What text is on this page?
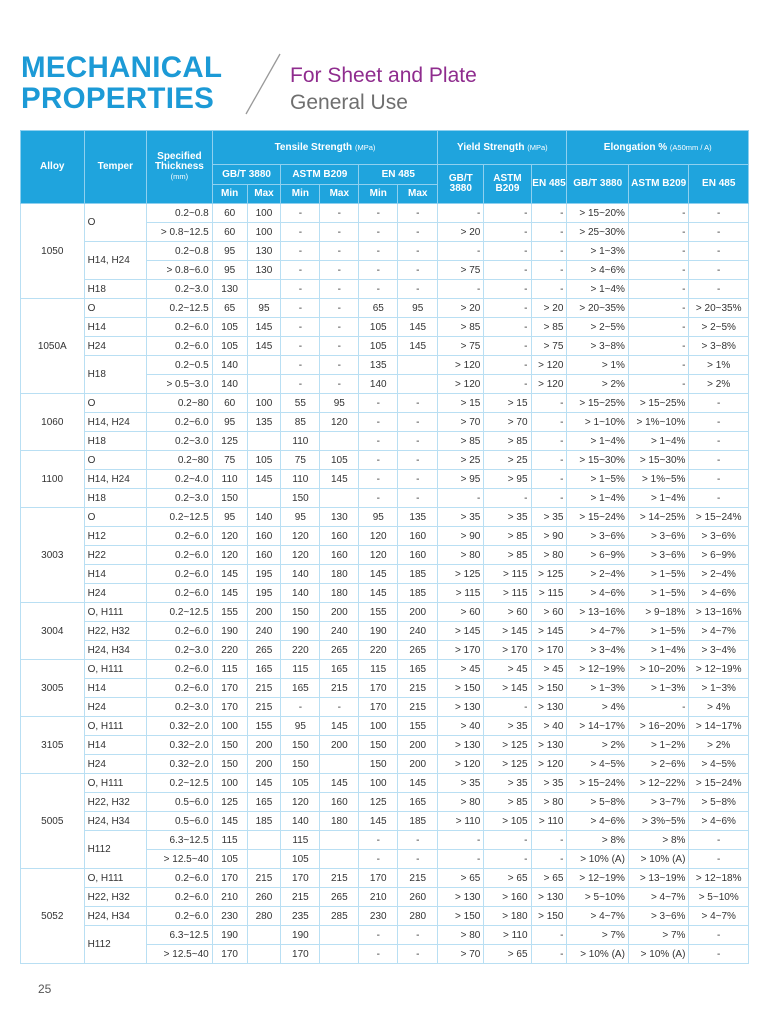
MECHANICAL
PROPERTIES
For Sheet and Plate
General Use
Alloy	Temper	Specified Thickness
(mm)	Tensile Strength (MPa)						Yield Strength (MPa)			Elongation % (A50mm / A)		
			GB/T 3880		ASTM B209		EN 485		GB/T 3880	ASTM B209	EN 485	GB/T 3880	ASTM B209	EN 485
			Min	Max	Min	Max	Min	Max						
1050	O	0.2~0.8	60	100	-	-	-	-	-	-	-	> 15~20%	-	-
		> 0.8~12.5	60	100	-	-	-	-	> 20	-	-	> 25~30%	-	-
	H14, H24	0.2~0.8	95	130	-	-	-	-	-	-	-	> 1~3%	-	-
		> 0.8~6.0	95	130	-	-	-	-	> 75	-	-	> 4~6%	-	-
	H18	0.2~3.0	130		-	-	-	-	-	-	-	> 1~4%	-	-
1050A	O	0.2~12.5	65	95	-	-	65	95	> 20	-	> 20	> 20~35%	-	> 20~35%
	H14	0.2~6.0	105	145	-	-	105	145	> 85	-	> 85	> 2~5%	-	> 2~5%
	H24	0.2~6.0	105	145	-	-	105	145	> 75	-	> 75	> 3~8%	-	> 3~8%
	H18	0.2~0.5	140		-	-	135		> 120	-	> 120	> 1%	-	> 1%
		> 0.5~3.0	140		-	-	140		> 120	-	> 120	> 2%	-	> 2%
1060	O	0.2~80	60	100	55	95	-	-	> 15	> 15	-	> 15~25%	> 15~25%	-
	H14, H24	0.2~6.0	95	135	85	120	-	-	> 70	> 70	-	> 1~10%	> 1%~10%	-
	H18	0.2~3.0	125		110		-	-	> 85	> 85	-	> 1~4%	> 1~4%	-
1100	O	0.2~80	75	105	75	105	-	-	> 25	> 25	-	> 15~30%	> 15~30%	-
	H14, H24	0.2~4.0	110	145	110	145	-	-	> 95	> 95	-	> 1~5%	> 1%~5%	-
	H18	0.2~3.0	150		150		-	-	-	-	-	> 1~4%	> 1~4%	-
3003	O	0.2~12.5	95	140	95	130	95	135	> 35	> 35	> 35	> 15~24%	> 14~25%	> 15~24%
	H12	0.2~6.0	120	160	120	160	120	160	> 90	> 85	> 90	> 3~6%	> 3~6%	> 3~6%
	H22	0.2~6.0	120	160	120	160	120	160	> 80	> 85	> 80	> 6~9%	> 3~6%	> 6~9%
	H14	0.2~6.0	145	195	140	180	145	185	> 125	> 115	> 125	> 2~4%	> 1~5%	> 2~4%
	H24	0.2~6.0	145	195	140	180	145	185	> 115	> 115	> 115	> 4~6%	> 1~5%	> 4~6%
3004	O, H111	0.2~12.5	155	200	150	200	155	200	> 60	> 60	> 60	> 13~16%	> 9~18%	> 13~16%
	H22, H32	0.2~6.0	190	240	190	240	190	240	> 145	> 145	> 145	> 4~7%	> 1~5%	> 4~7%
	H24, H34	0.2~3.0	220	265	220	265	220	265	> 170	> 170	> 170	> 3~4%	> 1~4%	> 3~4%
3005	O, H111	0.2~6.0	115	165	115	165	115	165	> 45	> 45	> 45	> 12~19%	> 10~20%	> 12~19%
	H14	0.2~6.0	170	215	165	215	170	215	> 150	> 145	> 150	> 1~3%	> 1~3%	> 1~3%
	H24	0.2~3.0	170	215	-	-	170	215	> 130	-	> 130	> 4%	-	> 4%
3105	O, H111	0.32~2.0	100	155	95	145	100	155	> 40	> 35	> 40	> 14~17%	> 16~20%	> 14~17%
	H14	0.32~2.0	150	200	150	200	150	200	> 130	> 125	> 130	> 2%	> 1~2%	> 2%
	H24	0.32~2.0	150	200	150		150	200	> 120	> 125	> 120	> 4~5%	> 2~6%	> 4~5%
5005	O, H111	0.2~12.5	100	145	105	145	100	145	> 35	> 35	> 35	> 15~24%	> 12~22%	> 15~24%
	H22, H32	0.5~6.0	125	165	120	160	125	165	> 80	> 85	> 80	> 5~8%	> 3~7%	> 5~8%
	H24, H34	0.5~6.0	145	185	140	180	145	185	> 110	> 105	> 110	> 4~6%	> 3%~5%	> 4~6%
	H112	6.3~12.5	115		115		-	-	-	-	-	> 8%	> 8%	-
		> 12.5~40	105		105		-	-	-	-	-	> 10% (A)	> 10% (A)	-
5052	O, H111	0.2~6.0	170	215	170	215	170	215	> 65	> 65	> 65	> 12~19%	> 13~19%	> 12~18%
	H22, H32	0.2~6.0	210	260	215	265	210	260	> 130	> 160	> 130	> 5~10%	> 4~7%	> 5~10%
	H24, H34	0.2~6.0	230	280	235	285	230	280	> 150	> 180	> 150	> 4~7%	> 3~6%	> 4~7%
	H112	6.3~12.5	190		190		-	-	> 80	> 110	-	> 7%	> 7%	-
		> 12.5~40	170		170		-	-	> 70	> 65	-	> 10% (A)	> 10% (A)	-
25
